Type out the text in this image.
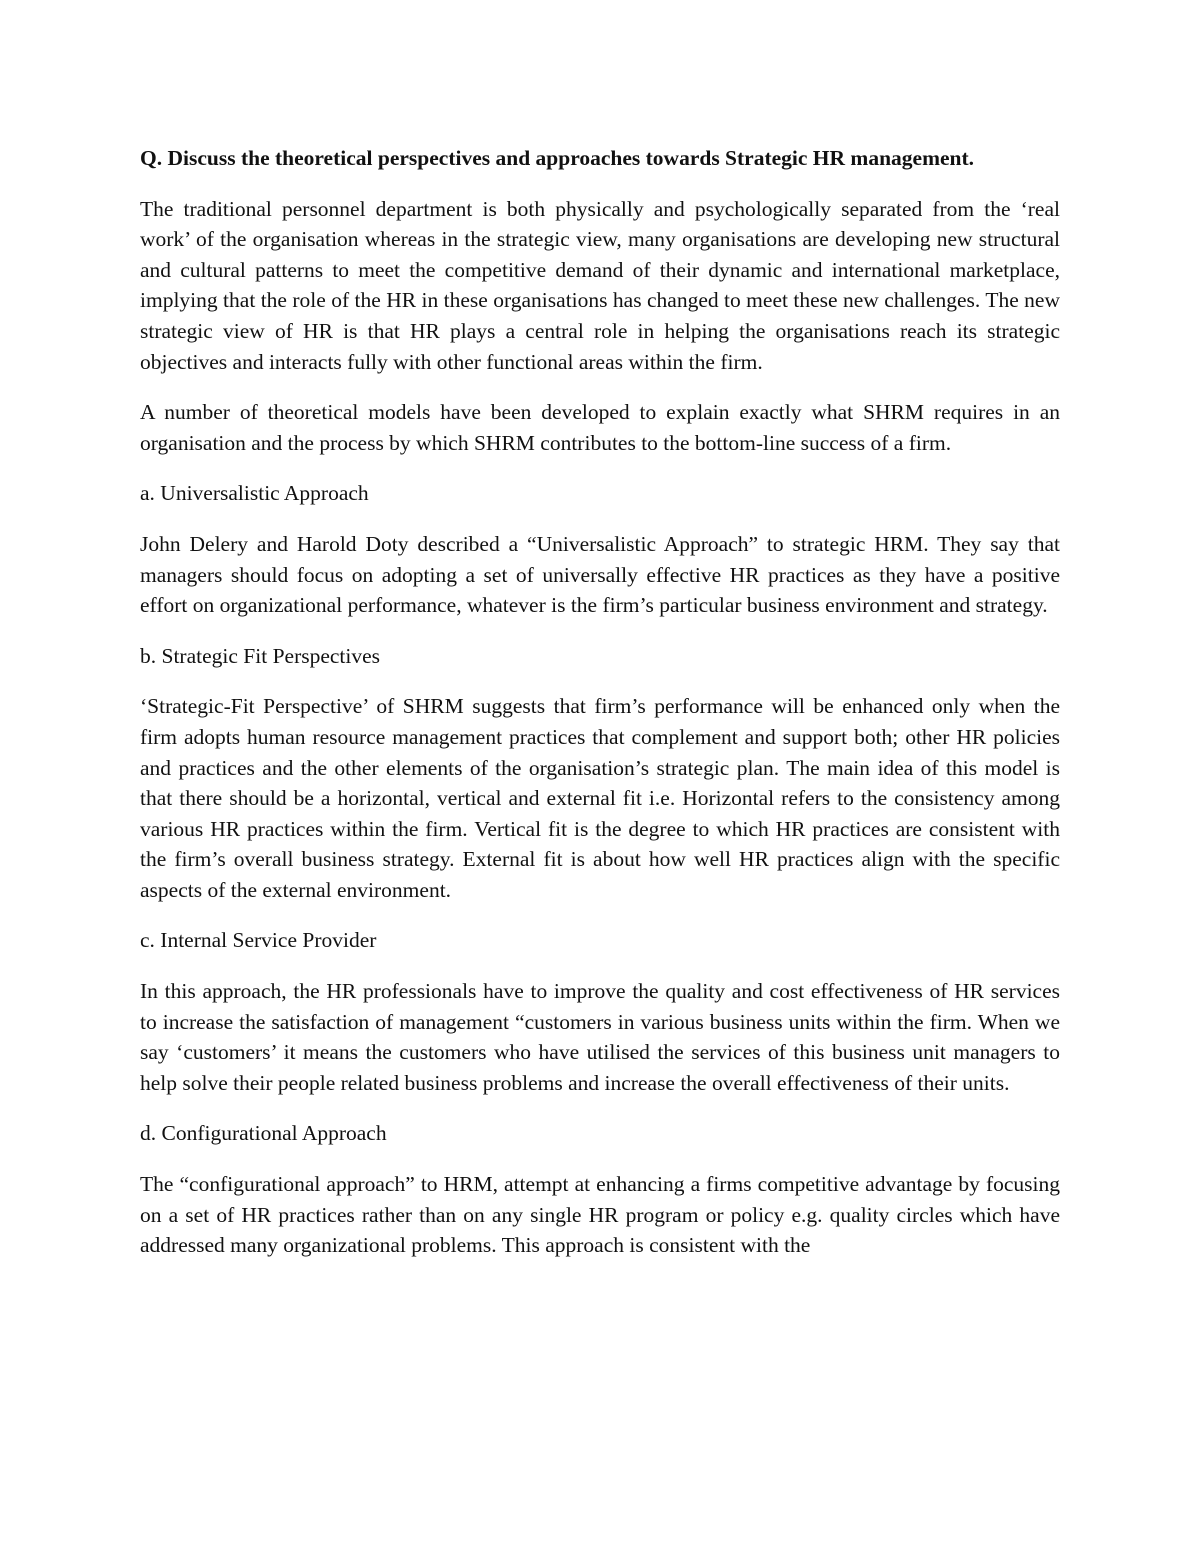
Q. Discuss the theoretical perspectives and approaches towards Strategic HR management.

The traditional personnel department is both physically and psychologically separated from the ‘real work’ of the organisation whereas in the strategic view, many organisations are developing new structural and cultural patterns to meet the competitive demand of their dynamic and international marketplace, implying that the role of the HR in these organisations has changed to meet these new challenges. The new strategic view of HR is that HR plays a central role in helping the organisations reach its strategic objectives and interacts fully with other functional areas within the firm.

A number of theoretical models have been developed to explain exactly what SHRM requires in an organisation and the process by which SHRM contributes to the bottom-line success of a firm.

a. Universalistic Approach

John Delery and Harold Doty described a “Universalistic Approach” to strategic HRM. They say that managers should focus on adopting a set of universally effective HR practices as they have a positive effort on organizational performance, whatever is the firm’s particular business environment and strategy.

b. Strategic Fit Perspectives

‘Strategic-Fit Perspective’ of SHRM suggests that firm’s performance will be enhanced only when the firm adopts human resource management practices that complement and support both; other HR policies and practices and the other elements of the organisation’s strategic plan. The main idea of this model is that there should be a horizontal, vertical and external fit i.e. Horizontal refers to the consistency among various HR practices within the firm. Vertical fit is the degree to which HR practices are consistent with the firm’s overall business strategy. External fit is about how well HR practices align with the specific aspects of the external environment.

c. Internal Service Provider

In this approach, the HR professionals have to improve the quality and cost effectiveness of HR services to increase the satisfaction of management “customers in various business units within the firm. When we say ‘customers’ it means the customers who have utilised the services of this business unit managers to help solve their people related business problems and increase the overall effectiveness of their units.

d. Configurational Approach

The “configurational approach” to HRM, attempt at enhancing a firms competitive advantage by focusing on a set of HR practices rather than on any single HR program or policy e.g. quality circles which have addressed many organizational problems. This approach is consistent with the
